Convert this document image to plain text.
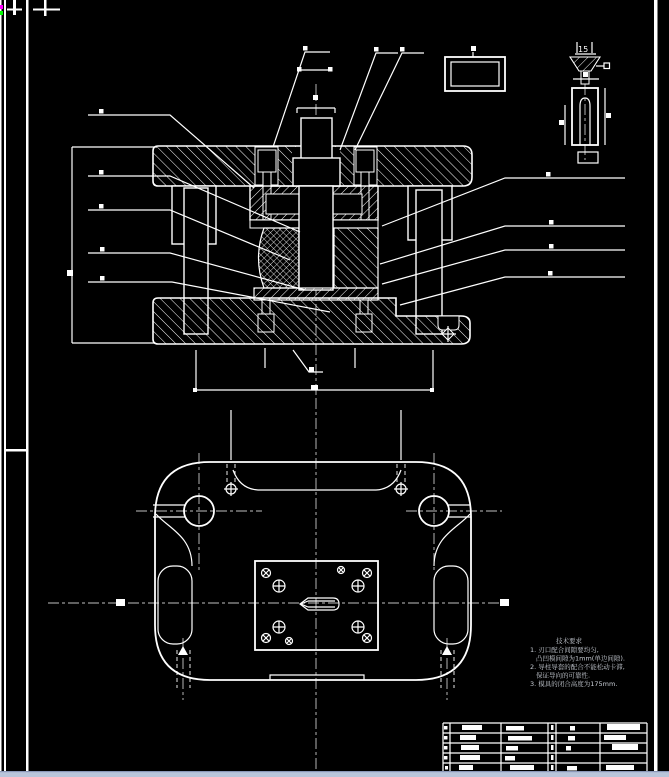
15
技术要求
1. 刃口配合间隙要均匀,
凸凹模间隙为1mm(单边间隙).
2. 导柱导套的配合不能松动卡滞,
保证导向的可靠性.
3. 模具的闭合高度为175mm.
